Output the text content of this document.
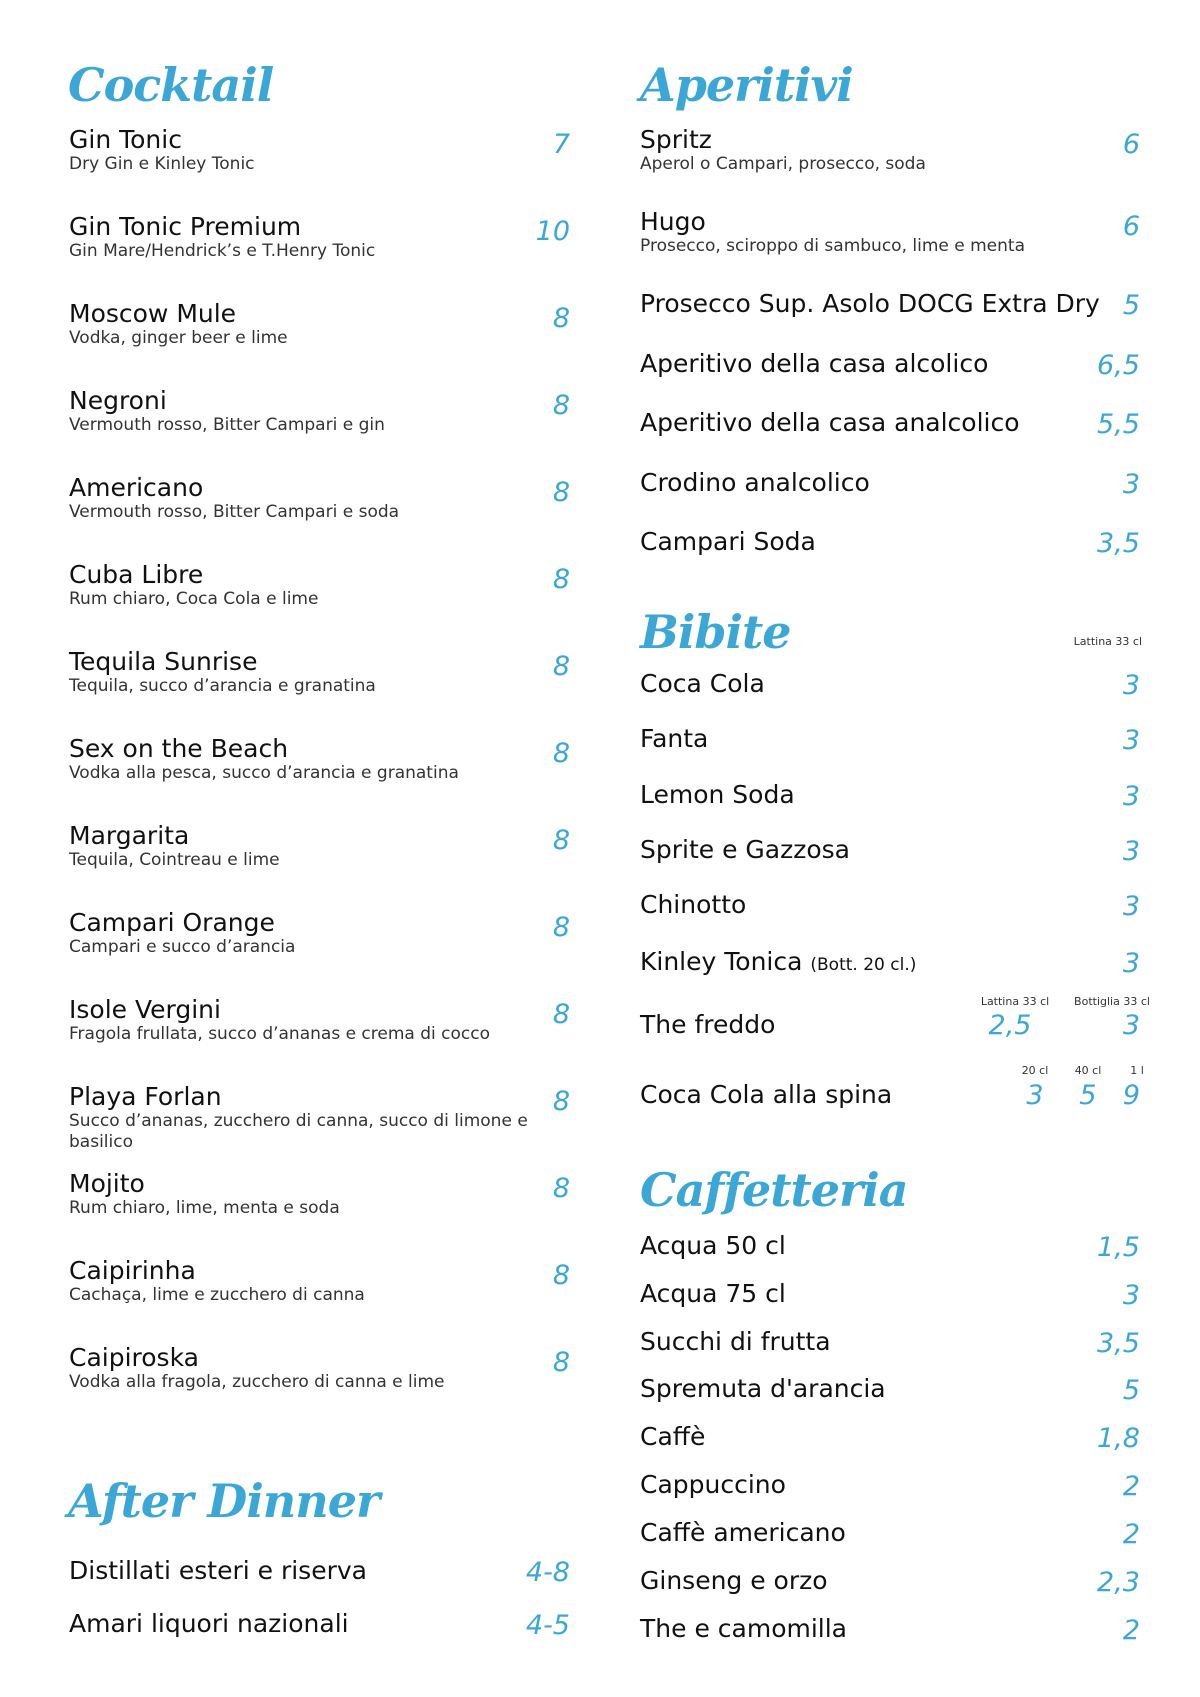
Cocktail
Gin Tonic
Dry Gin e Kinley Tonic
7
Gin Tonic Premium
Gin Mare/Hendrick’s e T.Henry Tonic
10
Moscow Mule
Vodka, ginger beer e lime
8
Negroni
Vermouth rosso, Bitter Campari e gin
8
Americano
Vermouth rosso, Bitter Campari e soda
8
Cuba Libre
Rum chiaro, Coca Cola e lime
8
Tequila Sunrise
Tequila, succo d’arancia e granatina
8
Sex on the Beach
Vodka alla pesca, succo d’arancia e granatina
8
Margarita
Tequila, Cointreau e lime
8
Campari Orange
Campari e succo d’arancia
8
Isole Vergini
Fragola frullata, succo d’ananas e crema di cocco
8
Playa Forlan
Succo d’ananas, zucchero di canna, succo di limone e basilico
8
Mojito
Rum chiaro, lime, menta e soda
8
Caipirinha
Cachaça, lime e zucchero di canna
8
Caipiroska
Vodka alla fragola, zucchero di canna e lime
8
After Dinner
Distillati esteri e riserva	4-8
Amari liquori nazionali	4-5
Aperitivi
Spritz
Aperol o Campari, prosecco, soda
6
Hugo
Prosecco, sciroppo di sambuco, lime e menta
6
Prosecco Sup. Asolo DOCG Extra Dry 5
Aperitivo della casa alcolico	6,5
Aperitivo della casa analcolico	5,5
Crodino analcolico	3
Campari Soda	3,5
Bibite	Lattina 33 cl
Coca Cola	3
Fanta	3
Lemon Soda	3
Sprite e Gazzosa	3
Chinotto	3
Kinley Tonica (Bott. 20 cl.)	3
The freddo
Lattina 33 cl
2,5
Bottiglia 33 cl
3
Coca Cola alla spina
20 cl
3
40 cl
5
1 l
9
Caffetteria
Acqua 50 cl	1,5
Acqua 75 cl	3
Succhi di frutta	3,5
Spremuta d'arancia	5
Caffè	1,8
Cappuccino	2
Caffè americano	2
Ginseng e orzo	2,3
The e camomilla	2
